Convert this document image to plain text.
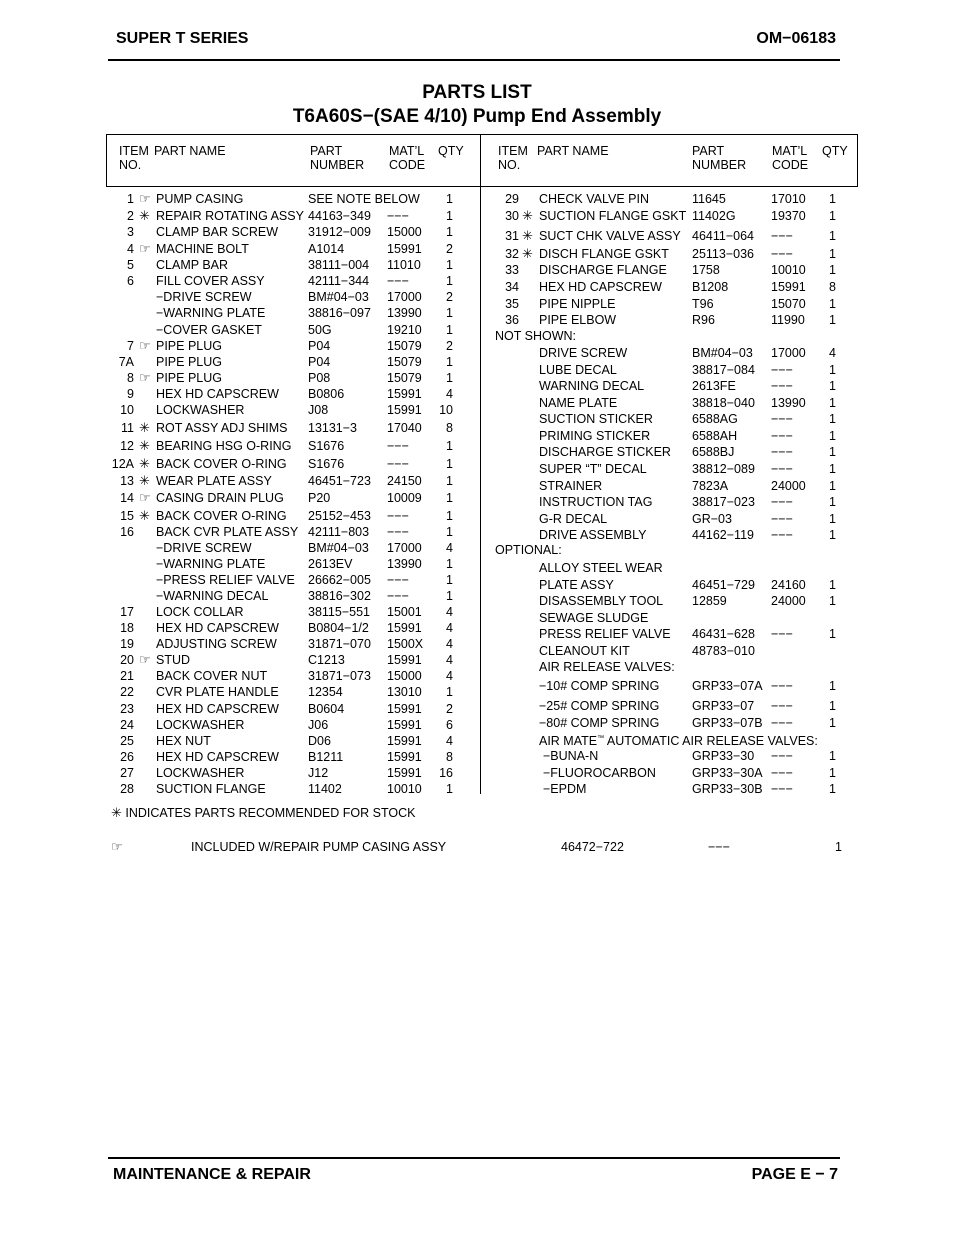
SUPER T SERIES	OM−06183
PARTS LIST
T6A60S−(SAE 4/10) Pump End Assembly
ITEM
NO.
PART NAME	PART
NUMBER
MAT’L
CODE
QTY	ITEM
NO.
PART NAME	PART
NUMBER
MAT’L
CODE
QTY
1 ☞ PUMP CASING	SEE NOTE BELOW 1
2 ✳ REPAIR ROTATING ASSY 44163−349 −−−	1
3 CLAMP BAR SCREW 31912−009 15000 1
4 ☞ MACHINE BOLT	A1014	15991 2
5 CLAMP BAR	38111−004 11010 1
6 FILL COVER ASSY	42111−344 −−−	1
−DRIVE SCREW	BM#04−03 17000 2
−WARNING PLATE	38816−097 13990 1
−COVER GASKET	50G	19210 1
7 ☞ PIPE PLUG	P04	15079 2
7A PIPE PLUG	P04	15079 1
8 ☞ PIPE PLUG	P08	15079 1
9 HEX HD CAPSCREW B0806	15991 4
10 LOCKWASHER	J08	15991 10
11 ✳ ROT ASSY ADJ SHIMS 13131−3 17040 8
12 ✳ BEARING HSG O-RING S1676	−−−	1
12A ✳ BACK COVER O-RING S1676	−−−	1
13 ✳ WEAR PLATE ASSY	46451−723 24150 1
14 ☞ CASING DRAIN PLUG P20	10009 1
15 ✳ BACK COVER O-RING 25152−453 −−−	1
16 BACK CVR PLATE ASSY 42111−803 −−−	1
−DRIVE SCREW	BM#04−03 17000 4
−WARNING PLATE	2613EV	13990 1
−PRESS RELIEF VALVE 26662−005 −−−	1
−WARNING DECAL	38816−302 −−−	1
17 LOCK COLLAR	38115−551 15001 4
18 HEX HD CAPSCREW B0804−1/2 15991 4
19 ADJUSTING SCREW 31871−070 1500X 4
20 ☞ STUD	C1213	15991 4
21 BACK COVER NUT	31871−073 15000 4
22 CVR PLATE HANDLE 12354	13010 1
23 HEX HD CAPSCREW B0604	15991 2
24 LOCKWASHER	J06	15991 6
25 HEX NUT	D06	15991 4
26 HEX HD CAPSCREW B1211	15991 8
27 LOCKWASHER	J12	15991 16
28 SUCTION FLANGE	11402	10010 1
29 CHECK VALVE PIN	11645	17010 1
30 ✳ SUCTION FLANGE GSKT 11402G	19370 1
31 ✳ SUCT CHK VALVE ASSY 46411−064 −−−	1
32 ✳ DISCH FLANGE GSKT 25113−036 −−−	1
33 DISCHARGE FLANGE 1758	10010 1
34 HEX HD CAPSCREW B1208	15991 8
35 PIPE NIPPLE	T96	15070 1
36 PIPE ELBOW	R96	11990 1
NOT SHOWN:
DRIVE SCREW	BM#04−03 17000 4
LUBE DECAL	38817−084 −−−	1
WARNING DECAL	2613FE	−−−	1
NAME PLATE	38818−040 13990 1
SUCTION STICKER	6588AG	−−−	1
PRIMING STICKER	6588AH	−−−	1
DISCHARGE STICKER 6588BJ	−−−	1
SUPER “T” DECAL	38812−089 −−−	1
STRAINER	7823A	24000 1
INSTRUCTION TAG	38817−023 −−−	1
G-R DECAL	GR−03	−−−	1
DRIVE ASSEMBLY	44162−119 −−−	1
OPTIONAL:
ALLOY STEEL WEAR
PLATE ASSY	46451−729 24160 1
DISASSEMBLY TOOL 12859	24000 1
SEWAGE SLUDGE
PRESS RELIEF VALVE 46431−628 −−−	1
CLEANOUT KIT	48783−010
AIR RELEASE VALVES:
−10# COMP SPRING	GRP33−07A −−−	1
−25# COMP SPRING	GRP33−07 −−−	1
−80# COMP SPRING	GRP33−07B −−−	1
AIR MATE™ AUTOMATIC AIR RELEASE VALVES:
−BUNA-N	GRP33−30 −−−	1
−FLUOROCARBON	GRP33−30A −−−	1
−EPDM	GRP33−30B −−−	1
✳ INDICATES PARTS RECOMMENDED FOR STOCK
☞	INCLUDED W/REPAIR PUMP CASING ASSY	46472−722	−−−	1
MAINTENANCE & REPAIR	PAGE E − 7
